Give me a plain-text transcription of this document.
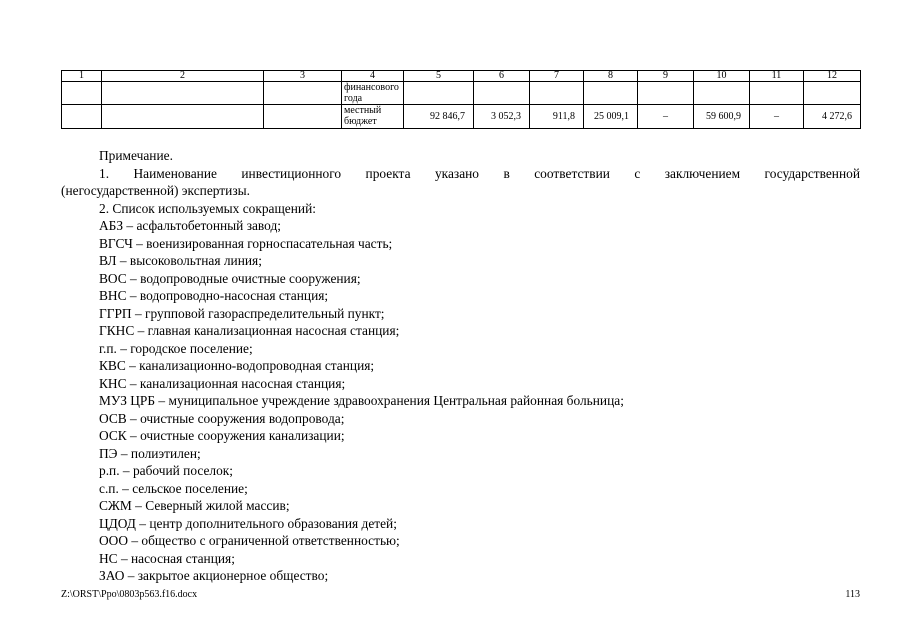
1	2	3	4	5	6	7	8	9	10	11	12
			финансового года								
			местный бюджет	92 846,7	3 052,3	911,8	25 009,1	–	59 600,9	–	4 272,6

Примечание.

1. Наименование инвестиционного проекта указано в соответствии с заключением государственной

(негосударственной) экспертизы.

2. Список используемых сокращений:

АБЗ – асфальтобетонный завод;

ВГСЧ – военизированная горноспасательная часть;

ВЛ – высоковольтная линия;

ВОС – водопроводные очистные сооружения;

ВНС – водопроводно-насосная станция;

ГГРП – групповой газораспределительный пункт;

ГКНС – главная канализационная насосная станция;

г.п. – городское поселение;

КВС – канализационно-водопроводная станция;

КНС – канализационная насосная станция;

МУЗ ЦРБ – муниципальное учреждение здравоохранения Центральная районная больница;

ОСВ – очистные сооружения водопровода;

ОСК – очистные сооружения канализации;

ПЭ – полиэтилен;

р.п. – рабочий поселок;

с.п. – сельское поселение;

СЖМ – Северный жилой массив;

ЦДОД – центр дополнительного образования детей;

ООО – общество с ограниченной ответственностью;

НС – насосная станция;

ЗАО – закрытое акционерное общество;

Z:\ORST\Ppo\0803p563.f16.docx	113
